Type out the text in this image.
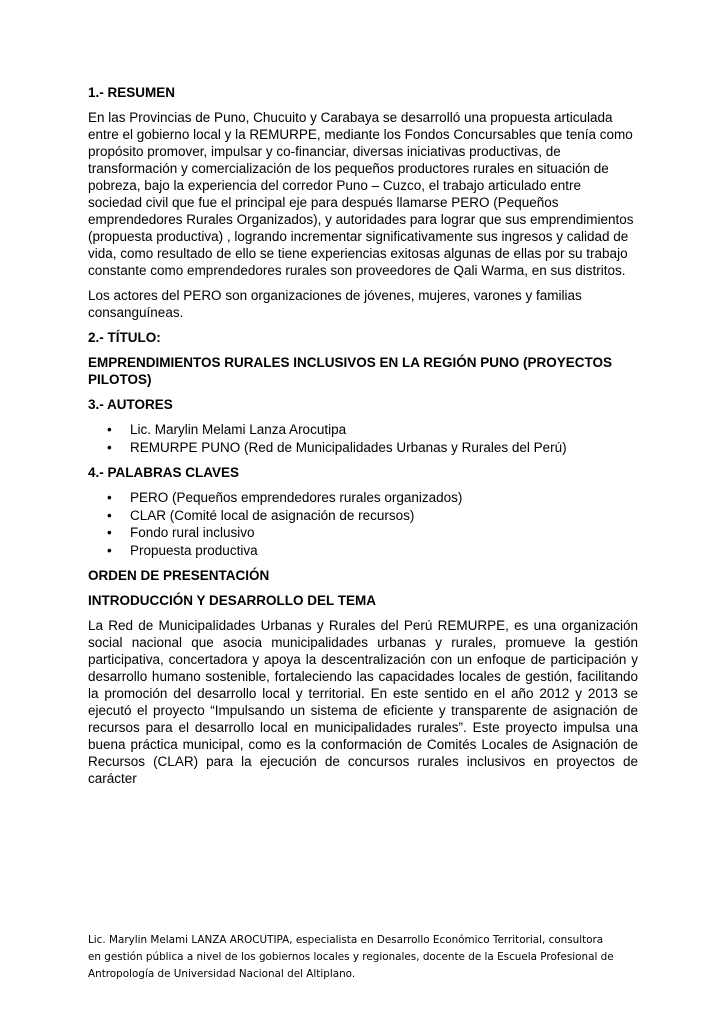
1.- RESUMEN
En las Provincias de Puno, Chucuito y Carabaya se desarrolló una propuesta articulada entre el gobierno local y la REMURPE, mediante los Fondos Concursables que tenía como propósito promover, impulsar y co-financiar, diversas iniciativas productivas, de transformación y comercialización de los pequeños productores rurales en situación de pobreza, bajo la experiencia del corredor Puno – Cuzco, el trabajo articulado entre sociedad civil que fue el principal eje para después llamarse PERO (Pequeños emprendedores Rurales Organizados), y autoridades para lograr que sus emprendimientos (propuesta productiva) , logrando incrementar significativamente sus ingresos y calidad de vida, como resultado de ello se tiene experiencias exitosas algunas de ellas por su trabajo constante como emprendedores rurales son proveedores de Qali Warma, en sus distritos.
Los actores del PERO son organizaciones de jóvenes, mujeres, varones y familias consanguíneas.
2.- TÍTULO:
EMPRENDIMIENTOS RURALES INCLUSIVOS EN LA REGIÓN PUNO (PROYECTOS PILOTOS)
3.- AUTORES
• Lic. Marylin Melami Lanza Arocutipa
• REMURPE PUNO (Red de Municipalidades Urbanas y Rurales del Perú)
4.- PALABRAS CLAVES
• PERO (Pequeños emprendedores rurales organizados)
• CLAR (Comité local de asignación de recursos)
• Fondo rural inclusivo
• Propuesta productiva
ORDEN DE PRESENTACIÓN
INTRODUCCIÓN Y DESARROLLO DEL TEMA
La Red de Municipalidades Urbanas y Rurales del Perú REMURPE, es una organización social nacional que asocia municipalidades urbanas y rurales, promueve la gestión participativa, concertadora y apoya la descentralización con un enfoque de participación y desarrollo humano sostenible, fortaleciendo las capacidades locales de gestión, facilitando la promoción del desarrollo local y territorial. En este sentido en el año 2012 y 2013 se ejecutó el proyecto “Impulsando un sistema de eficiente y transparente de asignación de recursos para el desarrollo local en municipalidades rurales”. Este proyecto impulsa una buena práctica municipal, como es la conformación de Comités Locales de Asignación de Recursos (CLAR) para la ejecución de concursos rurales inclusivos en proyectos de carácter
Lic. Marylin Melami LANZA AROCUTIPA, especialista en Desarrollo Económico Territorial, consultora
en gestión pública a nivel de los gobiernos locales y regionales, docente de la Escuela Profesional de
Antropología de Universidad Nacional del Altiplano.
